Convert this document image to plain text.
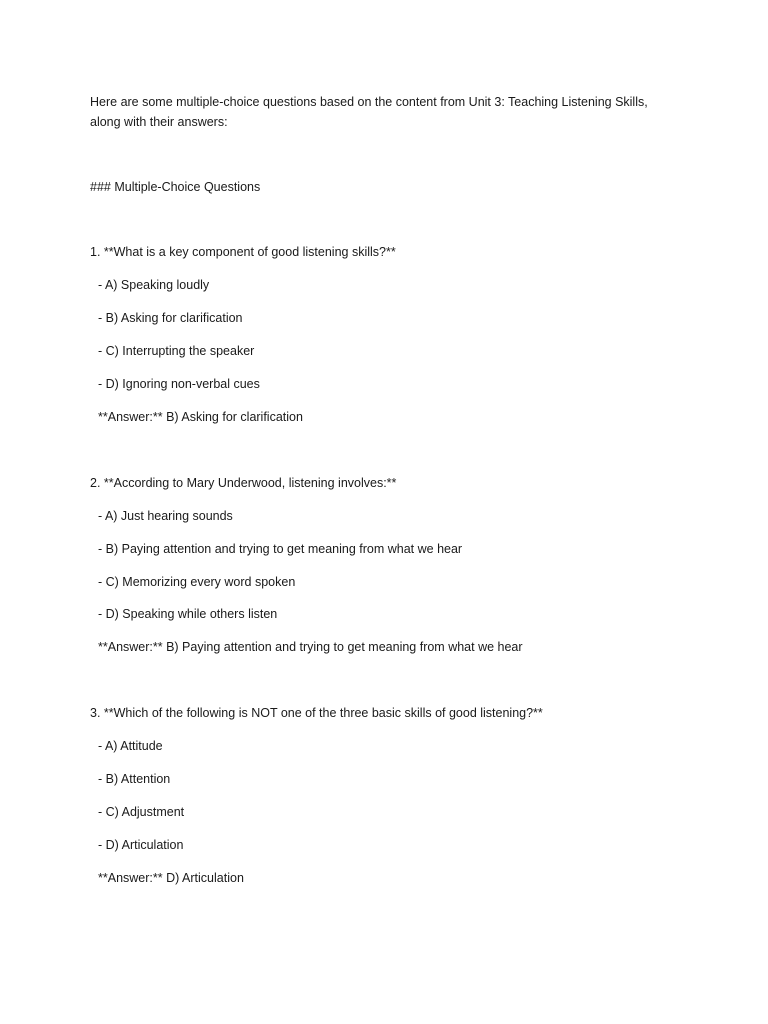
Here are some multiple-choice questions based on the content from Unit 3: Teaching Listening Skills,

along with their answers:

### Multiple-Choice Questions

1. **What is a key component of good listening skills?**

- A) Speaking loudly

- B) Asking for clarification

- C) Interrupting the speaker

- D) Ignoring non-verbal cues

**Answer:** B) Asking for clarification

2. **According to Mary Underwood, listening involves:**

- A) Just hearing sounds

- B) Paying attention and trying to get meaning from what we hear

- C) Memorizing every word spoken

- D) Speaking while others listen

**Answer:** B) Paying attention and trying to get meaning from what we hear

3. **Which of the following is NOT one of the three basic skills of good listening?**

- A) Attitude

- B) Attention

- C) Adjustment

- D) Articulation

**Answer:** D) Articulation
